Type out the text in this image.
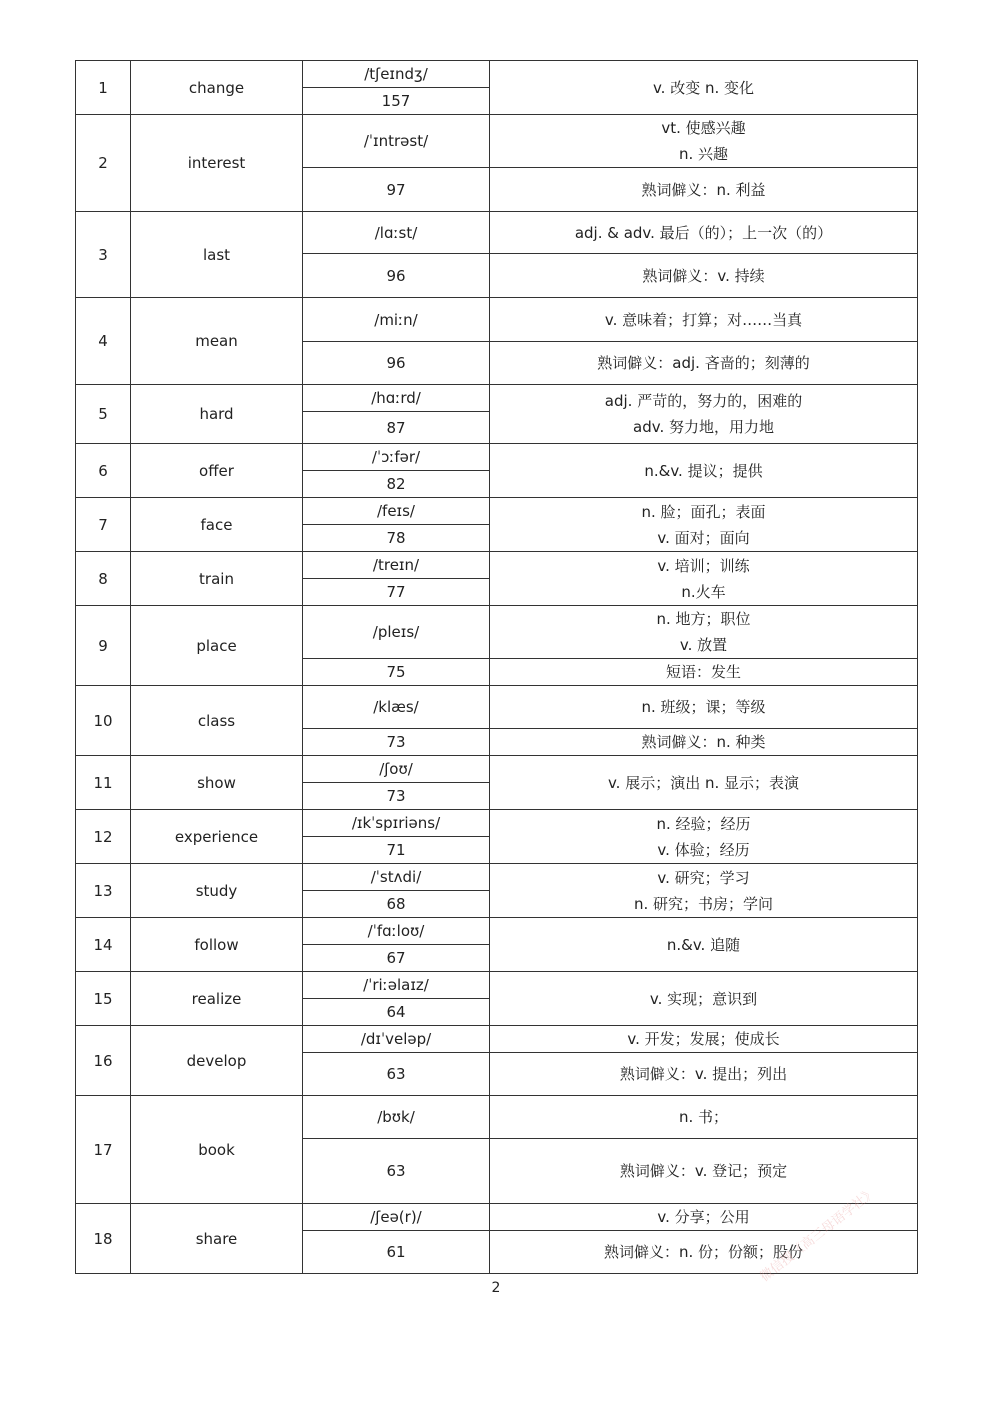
1	change	/tʃeɪndʒ/	v. 改变 n. 变化

		157	
2	interest	/ˈɪntrəst/	vt. 使感兴趣
n. 兴趣

		97	熟词僻义：n. 利益

3	last	/lɑːst/	adj. & adv. 最后（的）；上一次（的）

		96	熟词僻义：v. 持续

4	mean	/miːn/	v. 意味着；打算；对……当真

		96	熟词僻义：adj. 吝啬的；刻薄的

5	hard	/hɑːrd/	adj. 严苛的，努力的，困难的
adv. 努力地，用力地

		87	
6	offer	/ˈɔːfər/	n.&v. 提议；提供

		82	
7	face	/feɪs/	n. 脸；面孔；表面
v. 面对；面向

		78	
8	train	/treɪn/	v. 培训；训练
n.火车

		77	
9	place	/pleɪs/	n. 地方；职位
v. 放置

		75	短语：发生

10	class	/klæs/	n. 班级；课；等级

		73	熟词僻义：n. 种类

11	show	/ʃoʊ/	v. 展示；演出 n. 显示；表演

		73	
12	experience	/ɪkˈspɪriəns/	n. 经验；经历
v. 体验；经历

		71	
13	study	/ˈstʌdi/	v. 研究；学习
n. 研究；书房；学问

		68	
14	follow	/ˈfɑːloʊ/	n.&v. 追随

		67	
15	realize	/ˈriːəlaɪz/	v. 实现；意识到

		64	
16	develop	/dɪˈveləp/	v. 开发；发展；使成长

		63	熟词僻义：v. 提出；列出

17	book	/bʊk/	n. 书；

		63	熟词僻义：v. 登记；预定

18	share	/ʃeə(r)/	v. 分享；公用

		61	熟词僻义：n. 份；份额；股份
2
微信搜《高三母语学社》
